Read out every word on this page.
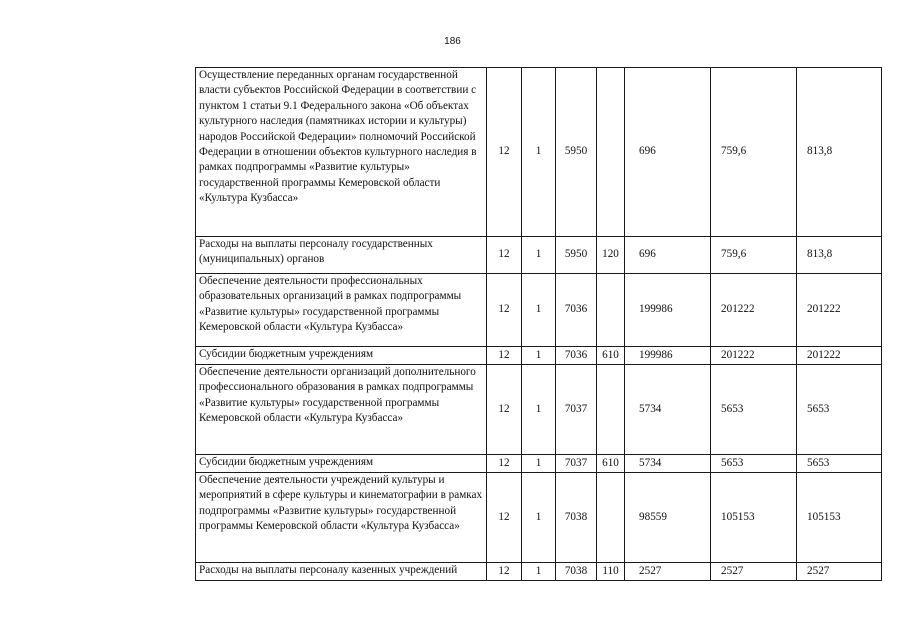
186
Осуществление переданных органам государственной власти субъектов Российской Федерации в соответствии с пунктом 1 статьи 9.1 Федерального закона «Об объектах культурного наследия (памятниках истории и культуры) народов Российской Федерации» полномочий Российской Федерации в отношении объектов культурного наследия в рамках подпрограммы «Развитие культуры» государственной программы Кемеровской области «Культура Кузбасса»	12	1	5950		696	759,6	813,8
Расходы на выплаты персоналу государственных (муниципальных) органов	12	1	5950	120	696	759,6	813,8
Обеспечение деятельности профессиональных образовательных организаций в рамках подпрограммы «Развитие культуры» государственной программы Кемеровской области «Культура Кузбасса»	12	1	7036		199986	201222	201222
Субсидии бюджетным учреждениям	12	1	7036	610	199986	201222	201222
Обеспечение деятельности организаций дополнительного профессионального образования в рамках подпрограммы «Развитие культуры» государственной программы Кемеровской области «Культура Кузбасса»	12	1	7037		5734	5653	5653
Субсидии бюджетным учреждениям	12	1	7037	610	5734	5653	5653
Обеспечение деятельности учреждений культуры и мероприятий в сфере культуры и кинематографии в рамках подпрограммы «Развитие культуры» государственной программы Кемеровской области «Культура Кузбасса»	12	1	7038		98559	105153	105153
Расходы на выплаты персоналу казенных учреждений	12	1	7038	110	2527	2527	2527
